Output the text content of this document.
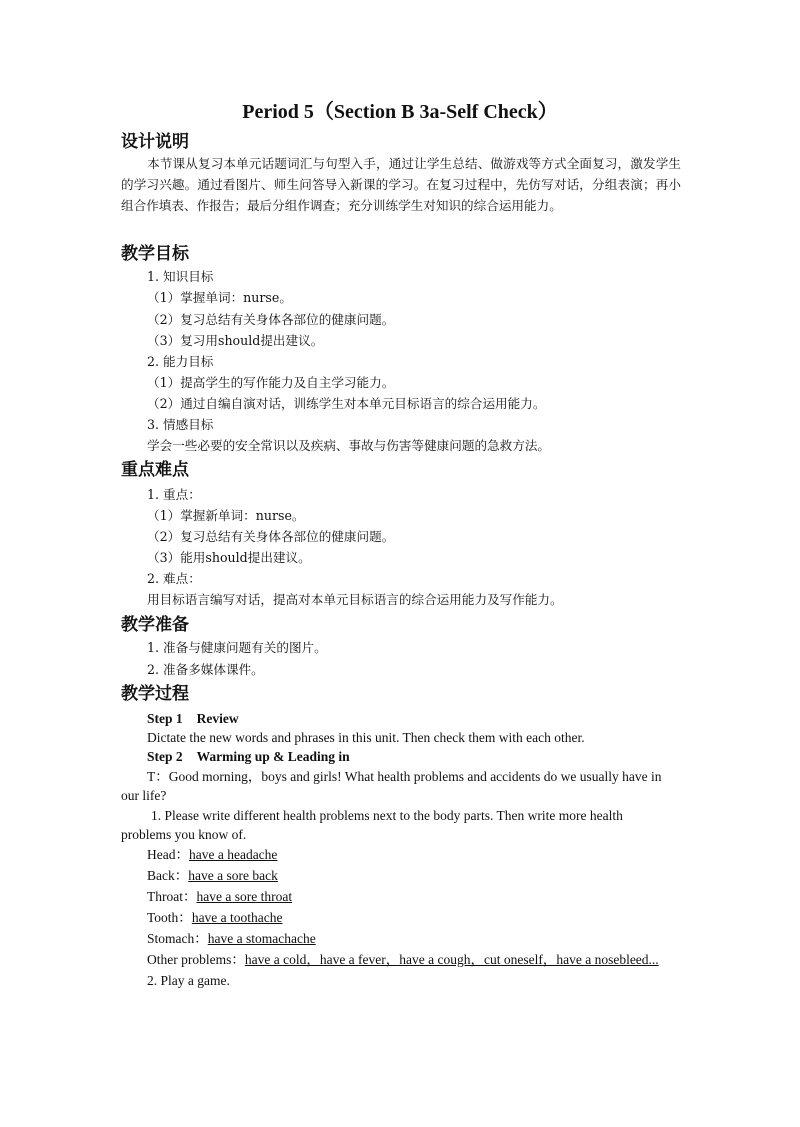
Period 5（Section B 3a-Self Check）
设计说明
本节课从复习本单元话题词汇与句型入手，通过让学生总结、做游戏等方式全面复习，激发学生的学习兴趣。通过看图片、师生问答导入新课的学习。在复习过程中，先仿写对话，分组表演；再小组合作填表、作报告；最后分组作调查；充分训练学生对知识的综合运用能力。
教学目标
1. 知识目标
（1）掌握单词：nurse。
（2）复习总结有关身体各部位的健康问题。
（3）复习用should提出建议。
2. 能力目标
（1）提高学生的写作能力及自主学习能力。
（2）通过自编自演对话，训练学生对本单元目标语言的综合运用能力。
3. 情感目标
学会一些必要的安全常识以及疾病、事故与伤害等健康问题的急救方法。
重点难点
1. 重点：
（1）掌握新单词：nurse。
（2）复习总结有关身体各部位的健康问题。
（3）能用should提出建议。
2. 难点：
用目标语言编写对话，提高对本单元目标语言的综合运用能力及写作能力。
教学准备
1. 准备与健康问题有关的图片。
2. 准备多媒体课件。
教学过程
Step 1 Review
Dictate the new words and phrases in this unit. Then check them with each other.
Step 2 Warming up & Leading in
T：Good morning，boys and girls! What health problems and accidents do we usually have in
our life?
1. Please write different health problems next to the body parts. Then write more health
problems you know of.
Head：have a headache
Back：have a sore back
Throat：have a sore throat
Tooth：have a toothache
Stomach：have a stomachache
Other problems：have a cold，have a fever，have a cough，cut oneself，have a nosebleed...
2. Play a game.
